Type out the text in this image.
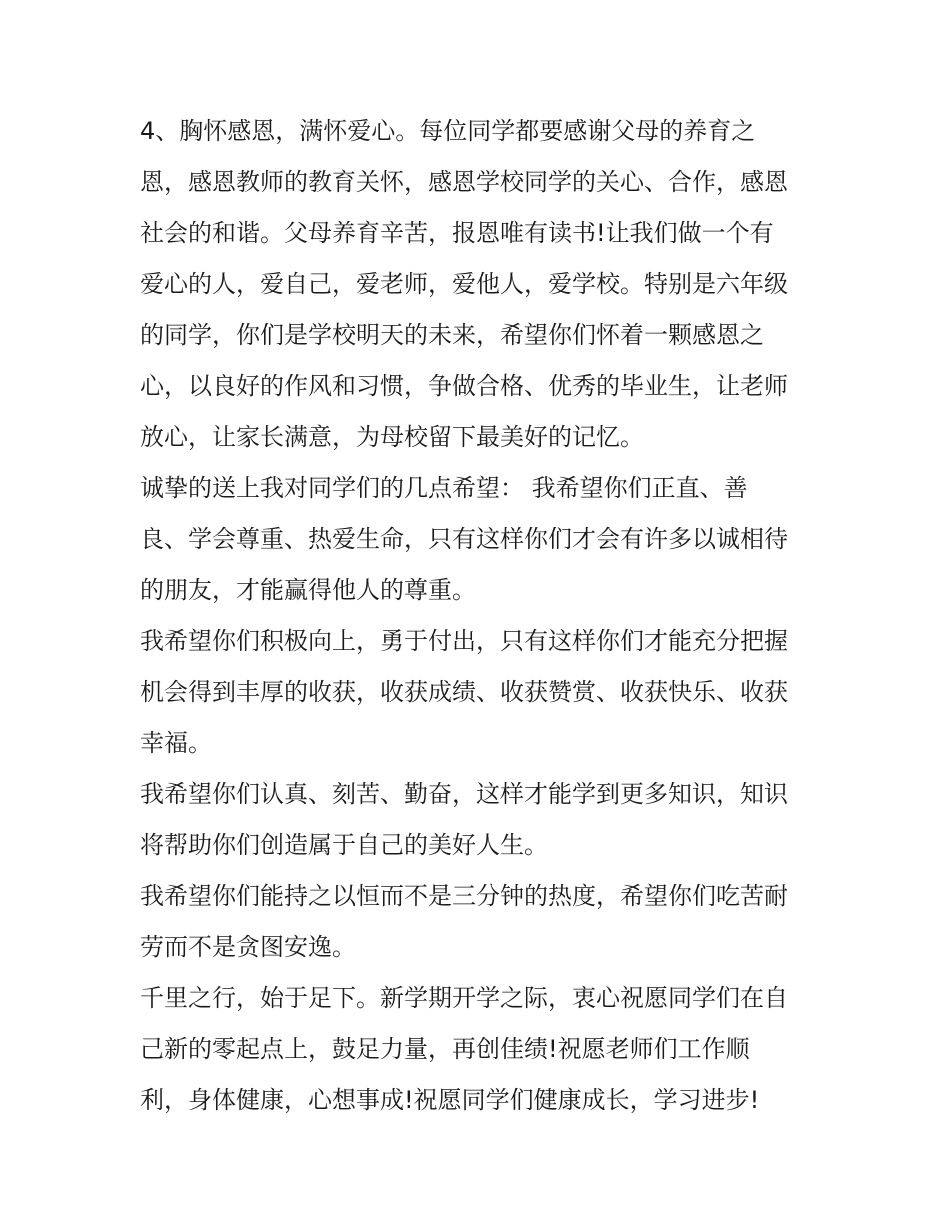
4、胸怀感恩，满怀爱心。每位同学都要感谢父母的养育之
恩，感恩教师的教育关怀，感恩学校同学的关心、合作，感恩
社会的和谐。父母养育辛苦，报恩唯有读书!让我们做一个有
爱心的人，爱自己，爱老师，爱他人，爱学校。特别是六年级
的同学，你们是学校明天的未来，希望你们怀着一颗感恩之
心，以良好的作风和习惯，争做合格、优秀的毕业生，让老师
放心，让家长满意，为母校留下最美好的记忆。
诚挚的送上我对同学们的几点希望： 我希望你们正直、善
良、学会尊重、热爱生命，只有这样你们才会有许多以诚相待
的朋友，才能赢得他人的尊重。
我希望你们积极向上，勇于付出，只有这样你们才能充分把握
机会得到丰厚的收获，收获成绩、收获赞赏、收获快乐、收获
幸福。
我希望你们认真、刻苦、勤奋，这样才能学到更多知识，知识
将帮助你们创造属于自己的美好人生。
我希望你们能持之以恒而不是三分钟的热度，希望你们吃苦耐
劳而不是贪图安逸。
千里之行，始于足下。新学期开学之际，衷心祝愿同学们在自
己新的零起点上，鼓足力量，再创佳绩!祝愿老师们工作顺
利，身体健康，心想事成!祝愿同学们健康成长，学习进步!
